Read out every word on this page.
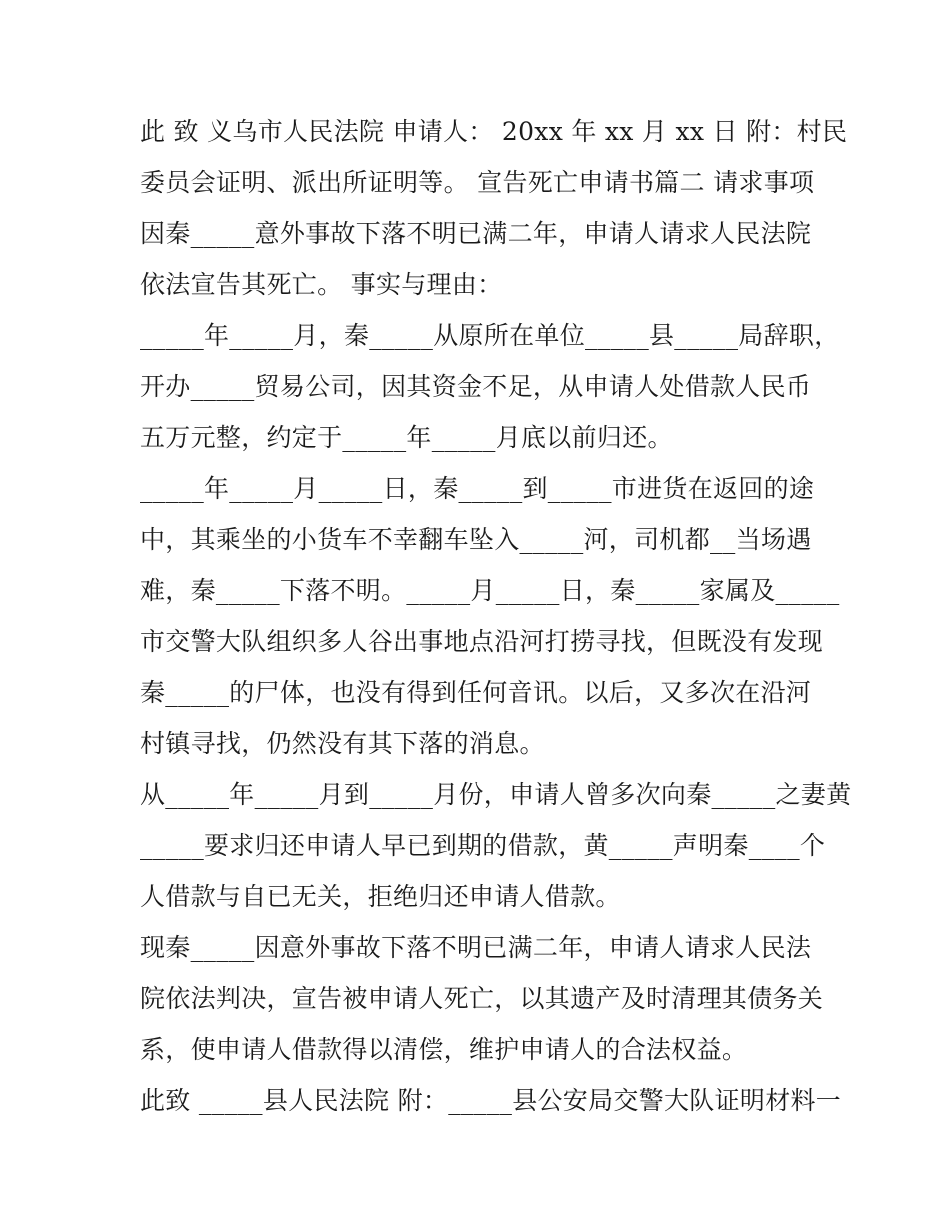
此 致 义乌市人民法院 申请人： 20xx 年 xx 月 xx 日 附：村民
委员会证明、派出所证明等。 宣告死亡申请书篇二 请求事项
因秦_____意外事故下落不明已满二年，申请人请求人民法院
依法宣告其死亡。 事实与理由：
_____年_____月，秦_____从原所在单位_____县_____局辞职，
开办_____贸易公司，因其资金不足，从申请人处借款人民币
五万元整，约定于_____年_____月底以前归还。
_____年_____月_____日，秦_____到_____市进货在返回的途
中，其乘坐的小货车不幸翻车坠入_____河，司机都__当场遇
难，秦_____下落不明。_____月_____日，秦_____家属及_____
市交警大队组织多人谷出事地点沿河打捞寻找，但既没有发现
秦_____的尸体，也没有得到任何音讯。以后，又多次在沿河
村镇寻找，仍然没有其下落的消息。
从_____年_____月到_____月份，申请人曾多次向秦_____之妻黄
_____要求归还申请人早已到期的借款，黄_____声明秦____个
人借款与自已无关，拒绝归还申请人借款。
现秦_____因意外事故下落不明已满二年，申请人请求人民法
院依法判决，宣告被申请人死亡，以其遗产及时清理其债务关
系，使申请人借款得以清偿，维护申请人的合法权益。
此致 _____县人民法院 附：_____县公安局交警大队证明材料一
